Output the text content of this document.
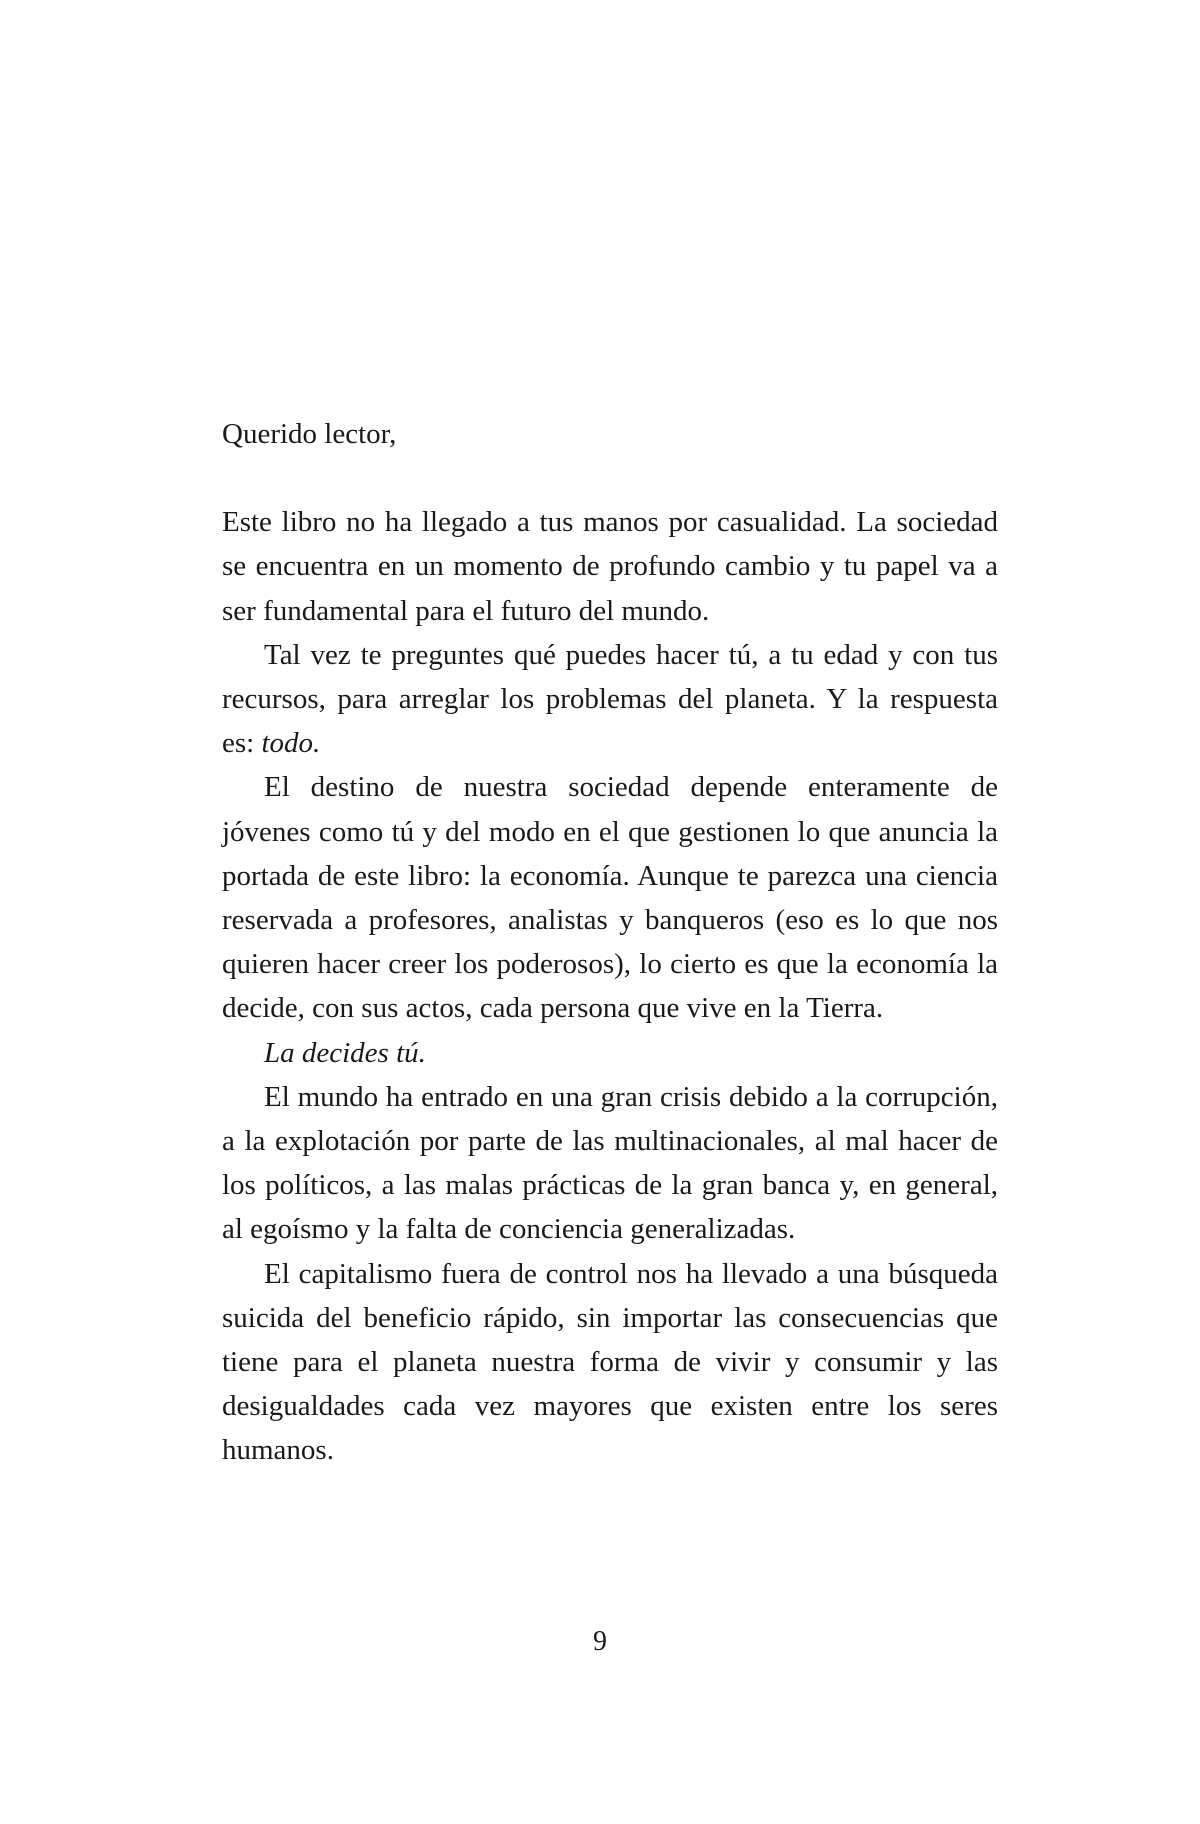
Querido lector,

Este libro no ha llegado a tus manos por casualidad. La sociedad se encuentra en un momento de profundo cambio y tu papel va a ser fundamental para el futuro del mundo.

Tal vez te preguntes qué puedes hacer tú, a tu edad y con tus recursos, para arreglar los problemas del planeta. Y la respuesta es: todo.

El destino de nuestra sociedad depende enteramente de jóvenes como tú y del modo en el que gestionen lo que anuncia la portada de este libro: la economía. Aunque te parezca una ciencia reservada a profesores, analistas y banqueros (eso es lo que nos quieren hacer creer los poderosos), lo cierto es que la economía la decide, con sus actos, cada persona que vive en la Tierra.

La decides tú.

El mundo ha entrado en una gran crisis debido a la corrupción, a la explotación por parte de las multinacionales, al mal hacer de los políticos, a las malas prácticas de la gran banca y, en general, al egoísmo y la falta de conciencia generalizadas.

El capitalismo fuera de control nos ha llevado a una búsqueda suicida del beneficio rápido, sin importar las consecuencias que tiene para el planeta nuestra forma de vivir y consumir y las desigualdades cada vez mayores que existen entre los seres humanos.

9
